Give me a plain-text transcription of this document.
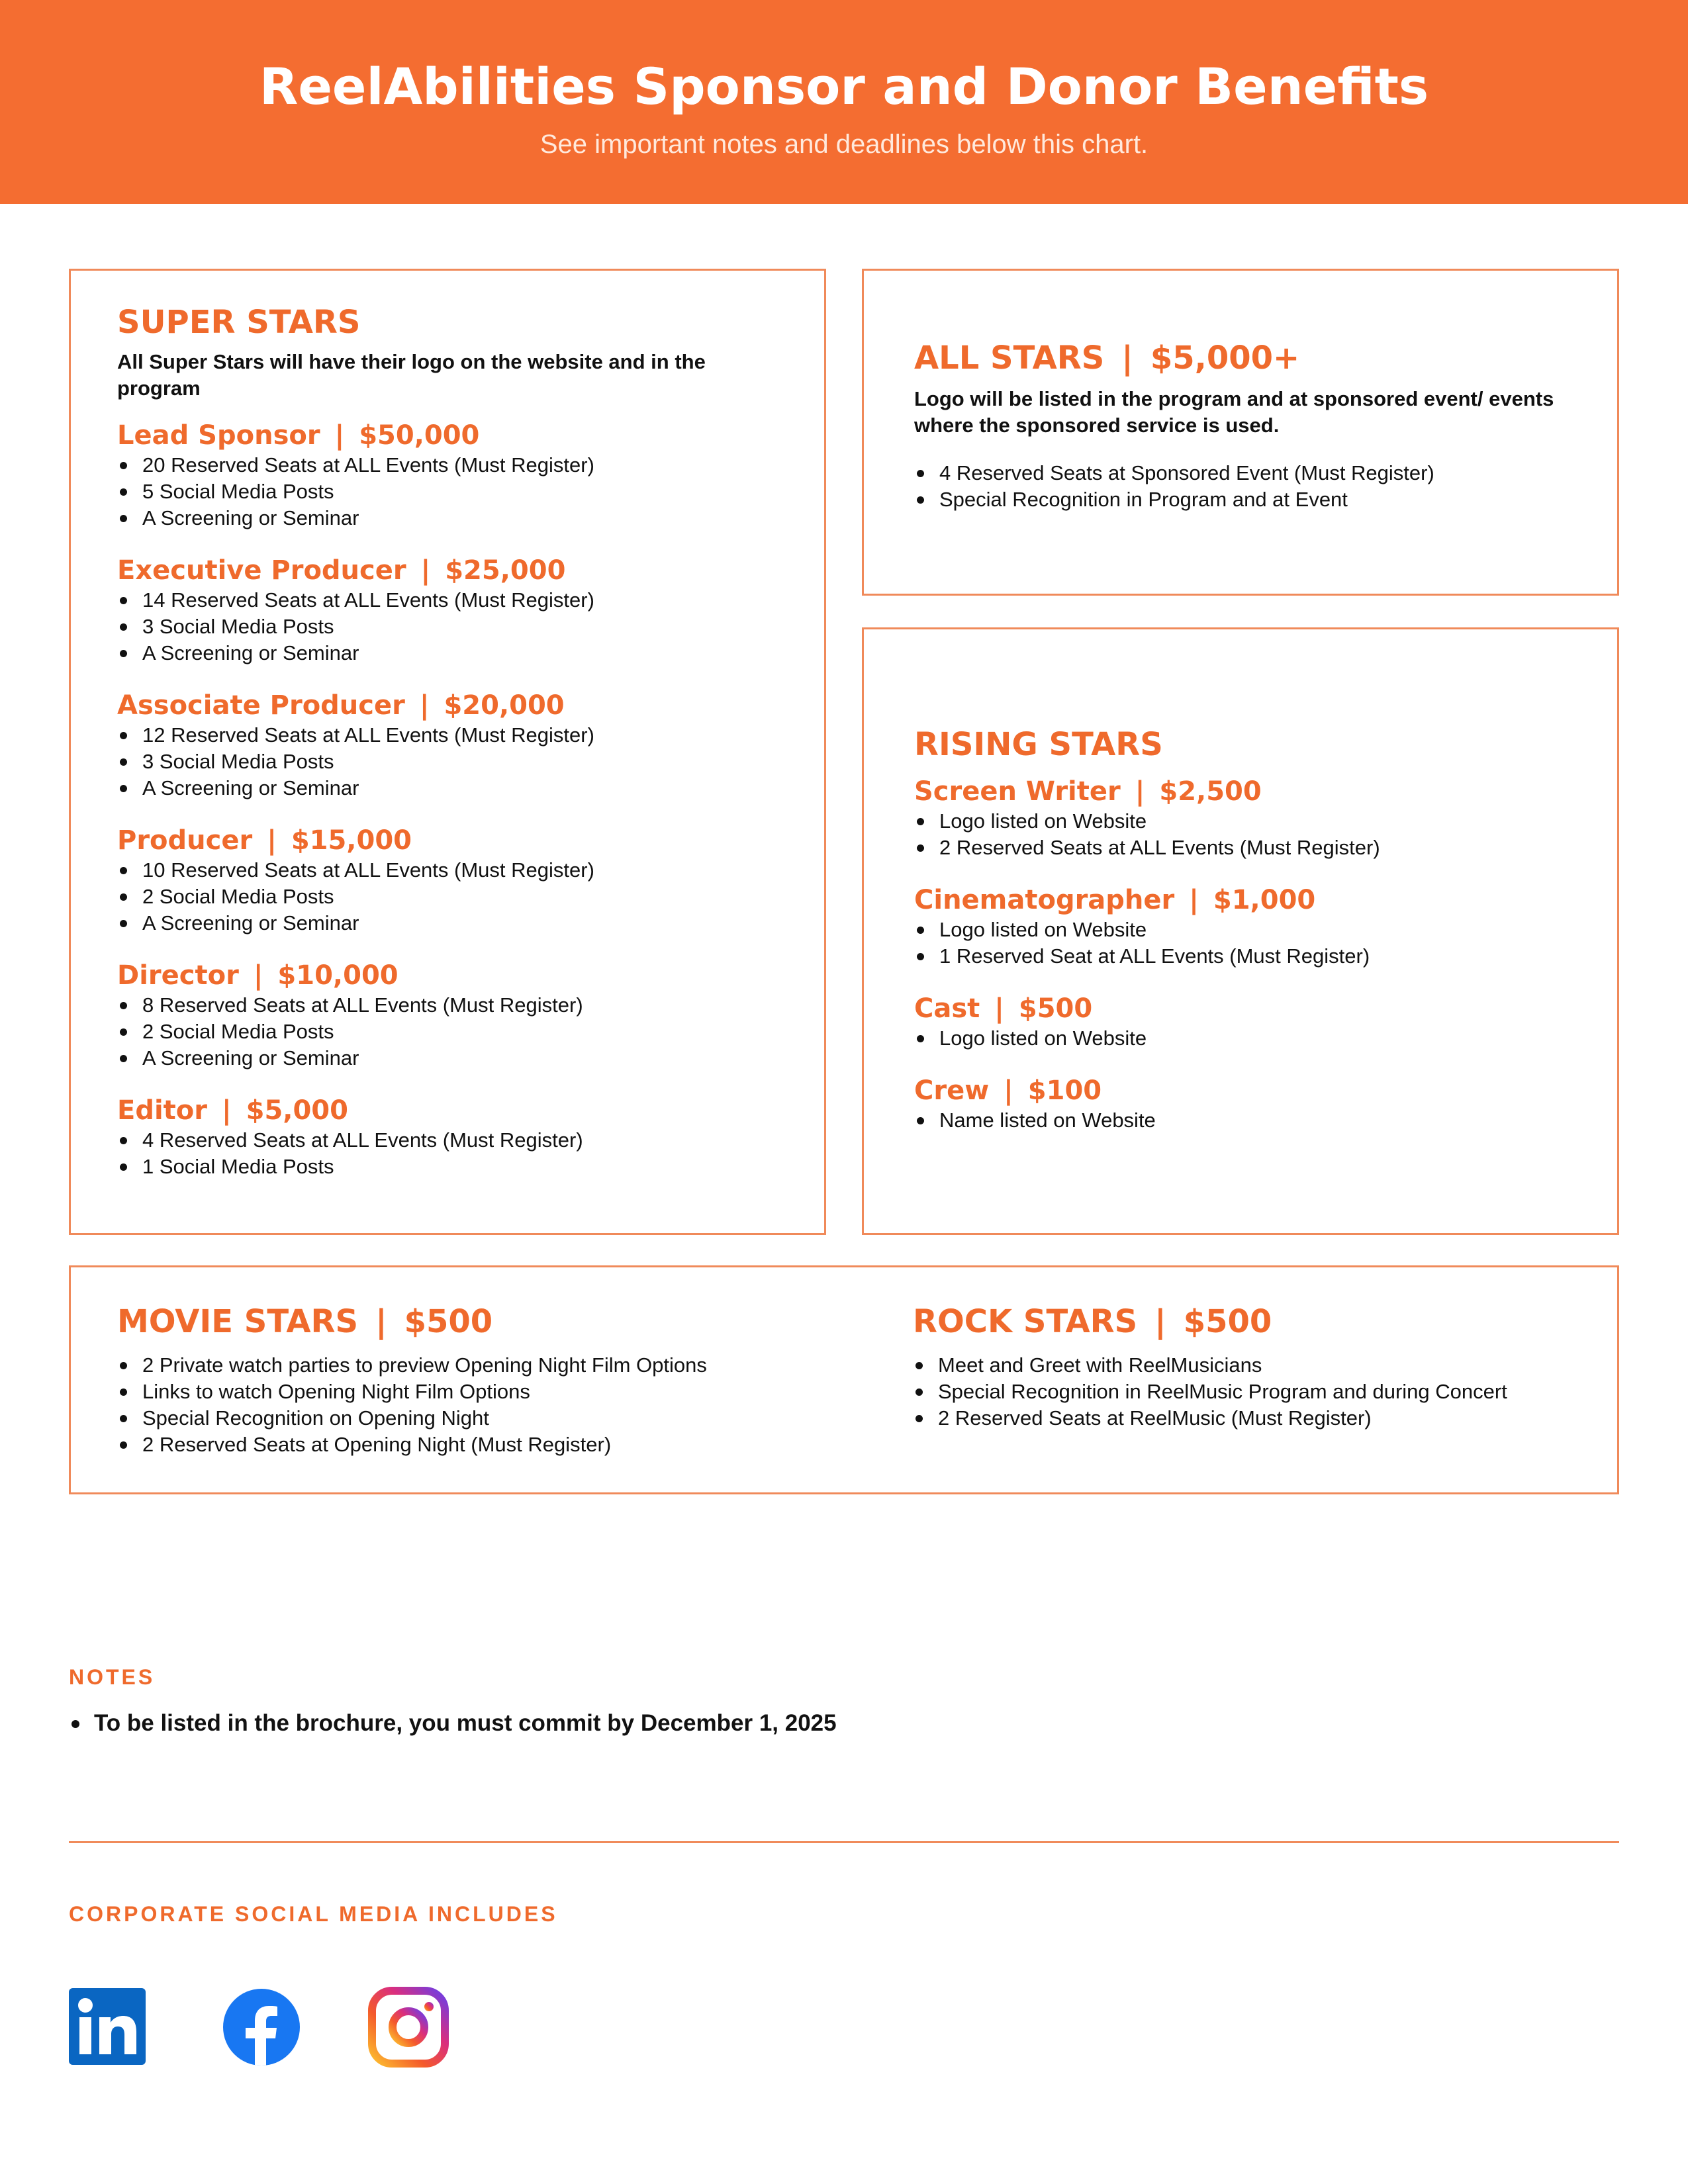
ReelAbilities Sponsor and Donor Benefits
See important notes and deadlines below this chart.
SUPER STARS

All Super Stars will have their logo on the website and in the program

Lead Sponsor | $50,000
20 Reserved Seats at ALL Events (Must Register)
5 Social Media Posts
A Screening or Seminar
Executive Producer | $25,000
14 Reserved Seats at ALL Events (Must Register)
3 Social Media Posts
A Screening or Seminar
Associate Producer | $20,000
12 Reserved Seats at ALL Events (Must Register)
3 Social Media Posts
A Screening or Seminar
Producer | $15,000
10 Reserved Seats at ALL Events (Must Register)
2 Social Media Posts
A Screening or Seminar
Director | $10,000
8 Reserved Seats at ALL Events (Must Register)
2 Social Media Posts
A Screening or Seminar
Editor | $5,000
4 Reserved Seats at ALL Events (Must Register)
1 Social Media Posts
ALL STARS | $5,000+

Logo will be listed in the program and at sponsored event/ events where the sponsored service is used.

4 Reserved Seats at Sponsored Event (Must Register)
Special Recognition in Program and at Event
RISING STARS
Screen Writer | $2,500
Logo listed on Website
2 Reserved Seats at ALL Events (Must Register)
Cinematographer | $1,000
Logo listed on Website
1 Reserved Seat at ALL Events (Must Register)
Cast | $500
Logo listed on Website
Crew | $100
Name listed on Website
MOVIE STARS | $500
2 Private watch parties to preview Opening Night Film Options
Links to watch Opening Night Film Options
Special Recognition on Opening Night
2 Reserved Seats at Opening Night (Must Register)
ROCK STARS | $500
Meet and Greet with ReelMusicians
Special Recognition in ReelMusic Program and during Concert
2 Reserved Seats at ReelMusic (Must Register)
NOTES
To be listed in the brochure, you must commit by December 1, 2025
CORPORATE SOCIAL MEDIA INCLUDES
